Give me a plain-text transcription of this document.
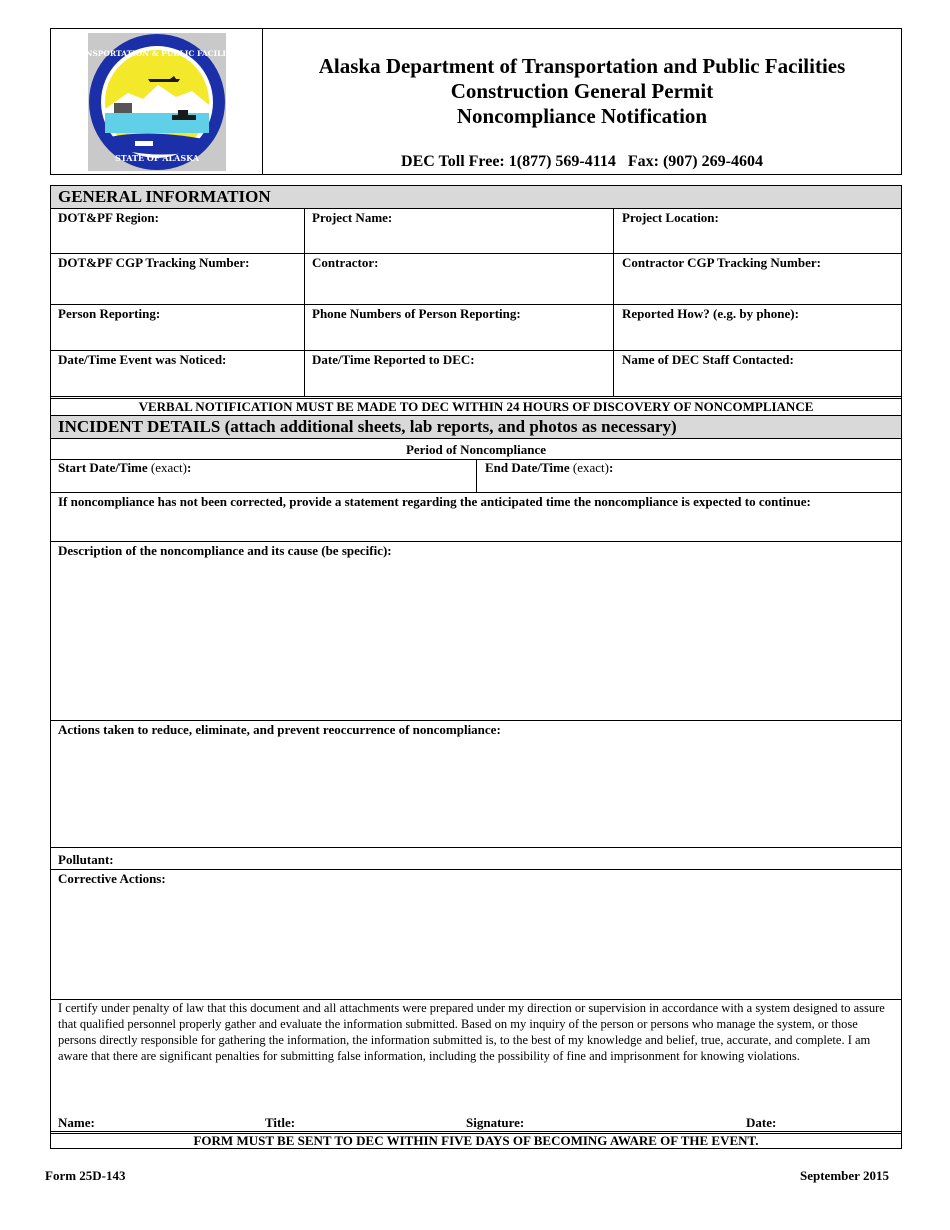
TRANSPORTATION & PUBLIC FACILITIES
STATE OF ALASKA
Alaska Department of Transportation and Public Facilities
Construction General Permit
Noncompliance Notification
DEC Toll Free: 1(877) 569-4114 Fax: (907) 269-4604
GENERAL INFORMATION
DOT&PF Region:	Project Name:	Project Location:
DOT&PF CGP Tracking Number:	Contractor:	Contractor CGP Tracking Number:
Person Reporting:	Phone Numbers of Person Reporting:	Reported How? (e.g. by phone):
Date/Time Event was Noticed:	Date/Time Reported to DEC:	Name of DEC Staff Contacted:
VERBAL NOTIFICATION MUST BE MADE TO DEC WITHIN 24 HOURS OF DISCOVERY OF NONCOMPLIANCE
INCIDENT DETAILS (attach additional sheets, lab reports, and photos as necessary)
Period of Noncompliance
Start Date/Time (exact):	End Date/Time (exact):
If noncompliance has not been corrected, provide a statement regarding the anticipated time the noncompliance is expected to continue:
Description of the noncompliance and its cause (be specific):
Actions taken to reduce, eliminate, and prevent reoccurrence of noncompliance:
Pollutant:
Corrective Actions:
I certify under penalty of law that this document and all attachments were prepared under my direction or supervision in accordance with a system designed to assure that qualified personnel properly gather and evaluate the information submitted. Based on my inquiry of the person or persons who manage the system, or those persons directly responsible for gathering the information, the information submitted is, to the best of my knowledge and belief, true, accurate, and complete. I am aware that there are significant penalties for submitting false information, including the possibility of fine and imprisonment for knowing violations.
Name:	Title:	Signature:	Date:
FORM MUST BE SENT TO DEC WITHIN FIVE DAYS OF BECOMING AWARE OF THE EVENT.
Form 25D-143	September 2015
